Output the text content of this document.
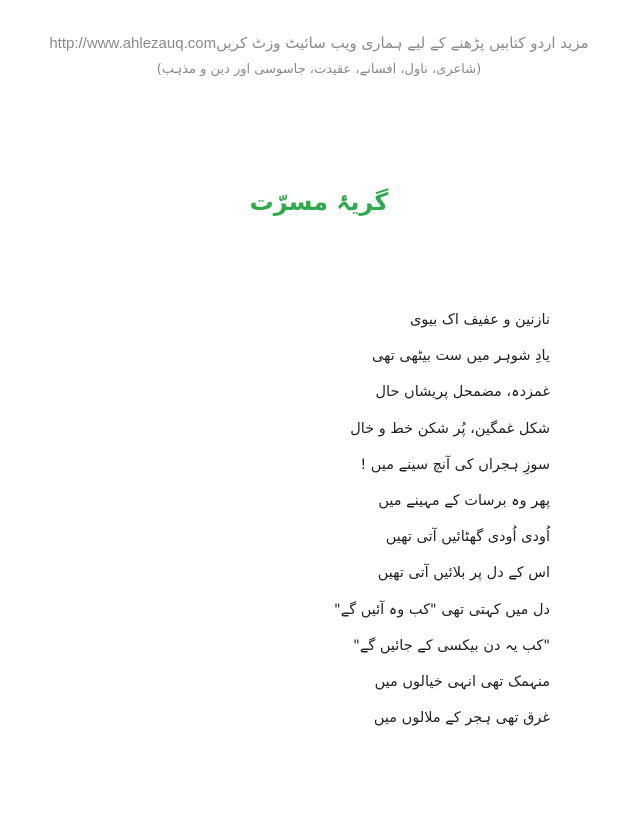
مزید اردو کتابیں پڑھنے کے لیے ہماری ویب سائیٹ وزٹ کریںhttp://www.ahlezauq.com
(شاعری، ناول، افسانے، عقیدت، جاسوسی اور دین و مذہب)
گریۂ مسرّت
نازنین و عفیف اک بیوی
یادِ شوہر میں ست بیٹھی تھی
غمزدہ، مضمحل پریشاں حال
شکل غمگین، پُر شکن خط و خال
سوزِ ہجراں کی آنچ سینے میں !
پھر وہ برسات کے مہینے میں
اُودی اُودی گھٹائیں آتی تھیں
اس کے دل پر بلائیں آتی تھیں
دل میں کہتی تھی "کب وہ آئیں گے"
"کب یہ دن بیکسی کے جائیں گے"
منہمک تھی انہی خیالوں میں
غرق تھی ہجر کے ملالوں میں
